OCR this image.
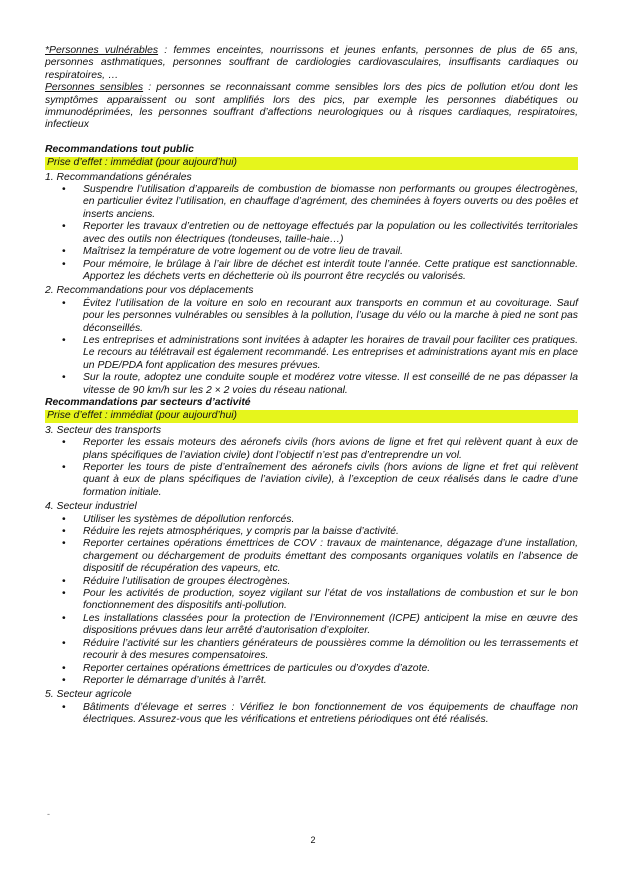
*Personnes vulnérables : femmes enceintes, nourrissons et jeunes enfants, personnes de plus de 65 ans, personnes asthmatiques, personnes souffrant de cardiologies cardiovasculaires, insuffisants cardiaques ou respiratoires, …

Personnes sensibles : personnes se reconnaissant comme sensibles lors des pics de pollution et/ou dont les symptômes apparaissent ou sont amplifiés lors des pics, par exemple les personnes diabétiques ou immunodéprimées, les personnes souffrant d’affections neurologiques ou à risques cardiaques, respiratoires, infectieux

Recommandations tout public

Prise d’effet : immédiat (pour aujourd’hui)

1. Recommandations générales

• Suspendre l’utilisation d’appareils de combustion de biomasse non performants ou groupes électrogènes, en particulier évitez l’utilisation, en chauffage d’agrément, des cheminées à foyers ouverts ou des poêles et inserts anciens.
• Reporter les travaux d’entretien ou de nettoyage effectués par la population ou les collectivités territoriales avec des outils non électriques (tondeuses, taille-haie…)
• Maîtrisez la température de votre logement ou de votre lieu de travail.
• Pour mémoire, le brûlage à l’air libre de déchet est interdit toute l’année. Cette pratique est sanctionnable. Apportez les déchets verts en déchetterie où ils pourront être recyclés ou valorisés.

2. Recommandations pour vos déplacements

• Évitez l’utilisation de la voiture en solo en recourant aux transports en commun et au covoiturage. Sauf pour les personnes vulnérables ou sensibles à la pollution, l’usage du vélo ou la marche à pied ne sont pas déconseillés.
• Les entreprises et administrations sont invitées à adapter les horaires de travail pour faciliter ces pratiques. Le recours au télétravail est également recommandé. Les entreprises et administrations ayant mis en place un PDE/PDA font application des mesures prévues.
• Sur la route, adoptez une conduite souple et modérez votre vitesse. Il est conseillé de ne pas dépasser la vitesse de 90 km/h sur les 2 × 2 voies du réseau national.

Recommandations par secteurs d’activité

Prise d’effet : immédiat (pour aujourd’hui)

3. Secteur des transports

• Reporter les essais moteurs des aéronefs civils (hors avions de ligne et fret qui relèvent quant à eux de plans spécifiques de l’aviation civile) dont l’objectif n’est pas d’entreprendre un vol.
• Reporter les tours de piste d’entraînement des aéronefs civils (hors avions de ligne et fret qui relèvent quant à eux de plans spécifiques de l’aviation civile), à l’exception de ceux réalisés dans le cadre d’une formation initiale.

4. Secteur industriel

• Utiliser les systèmes de dépollution renforcés.
• Réduire les rejets atmosphériques, y compris par la baisse d’activité.
• Reporter certaines opérations émettrices de COV : travaux de maintenance, dégazage d’une installation, chargement ou déchargement de produits émettant des composants organiques volatils en l’absence de dispositif de récupération des vapeurs, etc.
• Réduire l’utilisation de groupes électrogènes.
• Pour les activités de production, soyez vigilant sur l’état de vos installations de combustion et sur le bon fonctionnement des dispositifs anti-pollution.
• Les installations classées pour la protection de l’Environnement (ICPE) anticipent la mise en œuvre des dispositions prévues dans leur arrêté d’autorisation d’exploiter.
• Réduire l’activité sur les chantiers générateurs de poussières comme la démolition ou les terrassements et recourir à des mesures compensatoires.
• Reporter certaines opérations émettrices de particules ou d’oxydes d’azote.
• Reporter le démarrage d’unités à l’arrêt.

5. Secteur agricole

• Bâtiments d’élevage et serres : Vérifiez le bon fonctionnement de vos équipements de chauffage non électriques. Assurez-vous que les vérifications et entretiens périodiques ont été réalisés.
-
2
